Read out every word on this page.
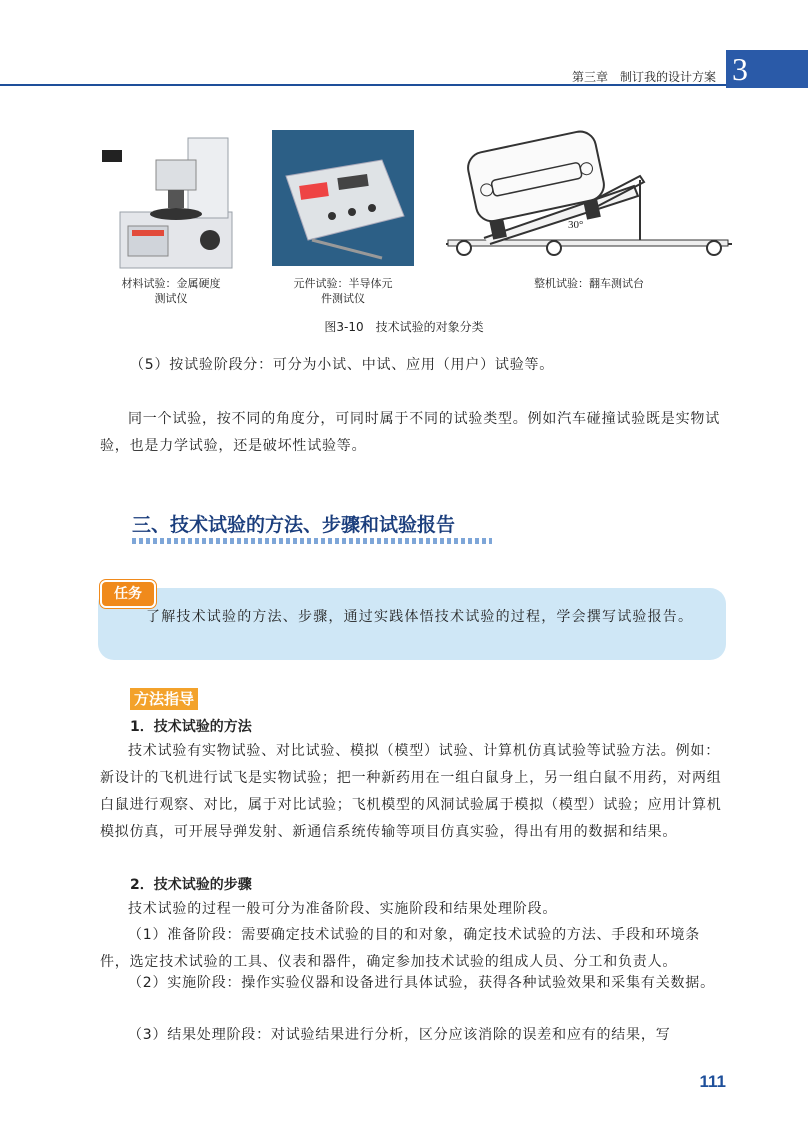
第三章　制订我的设计方案 3
30°
材料试验：金属硬度
测试仪
元件试验：半导体元
件测试仪
整机试验：翻车测试台
图3-10　技术试验的对象分类
（5）按试验阶段分：可分为小试、中试、应用（用户）试验等。
同一个试验，按不同的角度分，可同时属于不同的试验类型。例如汽车碰撞试验既是实物试验，也是力学试验，还是破坏性试验等。
三、技术试验的方法、步骤和试验报告
任务
了解技术试验的方法、步骤，通过实践体悟技术试验的过程，学会撰写试验报告。
方法指导
1．技术试验的方法
技术试验有实物试验、对比试验、模拟（模型）试验、计算机仿真试验等试验方法。例如：新设计的飞机进行试飞是实物试验；把一种新药用在一组白鼠身上，另一组白鼠不用药，对两组白鼠进行观察、对比，属于对比试验；飞机模型的风洞试验属于模拟（模型）试验；应用计算机模拟仿真，可开展导弹发射、新通信系统传输等项目仿真实验，得出有用的数据和结果。
2．技术试验的步骤
技术试验的过程一般可分为准备阶段、实施阶段和结果处理阶段。
（1）准备阶段：需要确定技术试验的目的和对象，确定技术试验的方法、手段和环境条件，选定技术试验的工具、仪表和器件，确定参加技术试验的组成人员、分工和负责人。
（2）实施阶段：操作实验仪器和设备进行具体试验，获得各种试验效果和采集有关数据。
（3）结果处理阶段：对试验结果进行分析，区分应该消除的误差和应有的结果，写
111
